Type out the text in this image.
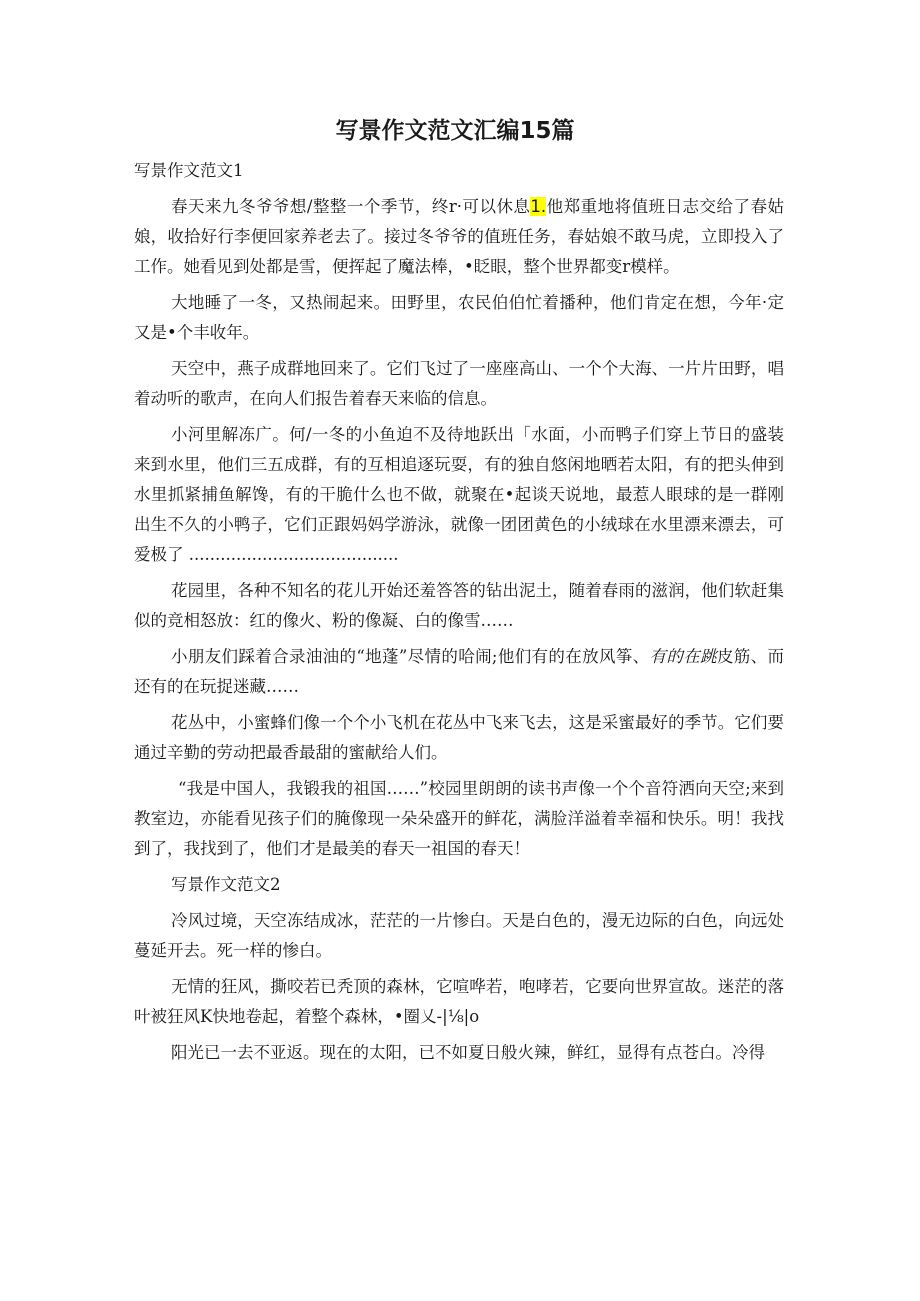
写景作文范文汇编15篇
写景作文范文1

春天来九冬爷爷想/整整一个季节，终r·可以休息1.他郑重地将值班日志交给了春姑娘，收拾好行李便回家养老去了。接过冬爷爷的值班任务，春姑娘不敢马虎，立即投入了工作。她看见到处都是雪，便挥起了魔法棒，•眨眼，整个世界都变r模样。

大地睡了一冬，又热闹起来。田野里，农民伯伯忙着播种，他们肯定在想，今年·定又是•个丰收年。

天空中，燕子成群地回来了。它们飞过了一座座高山、一个个大海、一片片田野，唱着动听的歌声，在向人们报告着春天来临的信息。

小河里解冻广。何/一冬的小鱼迫不及待地跃出「水面，小而鸭子们穿上节日的盛装来到水里，他们三五成群，有的互相追逐玩耍，有的独自悠闲地晒若太阳，有的把头伸到水里抓紧捕鱼解馋，有的干脆什么也不做，就聚在•起谈天说地，最惹人眼球的是一群刚出生不久的小鸭子，它们正跟妈妈学游泳，就像一团团黄色的小绒球在水里漂来漂去，可爱极了 ........................................

花园里，各种不知名的花儿开始还羞答答的钻出泥土，随着春雨的滋润，他们软赶集似的竞相怒放：红的像火、粉的像凝、白的像雪……

小朋友们踩着合录油油的“地蓬”尽情的哈闹;他们有的在放风筝、有的在跳皮筋、而还有的在玩捉迷藏……

花丛中，小蜜蜂们像一个个小飞机在花丛中飞来飞去，这是采蜜最好的季节。它们要通过辛勤的劳动把最香最甜的蜜献给人们。

“我是中国人，我锻我的祖国……”校园里朗朗的读书声像一个个音符洒向天空;来到教室边，亦能看见孩子们的腌像现一朵朵盛开的鲜花，满脸洋溢着幸福和快乐。明！我找到了，我找到了，他们才是最美的春天一祖国的春天！

写景作文范文2

冷风过境，天空冻结成冰，茫茫的一片惨白。天是白色的，漫无边际的白色，向远处蔓延开去。死一样的惨白。

无情的狂风，撕咬若已秃顶的森林，它喧哗若，咆哮若，它要向世界宣故。迷茫的落叶被狂风K快地卷起，着整个森林，•圈乂-|⅛|o

阳光已一去不亚返。现在的太阳，已不如夏日般火辣，鲜红，显得有点苍白。冷得
